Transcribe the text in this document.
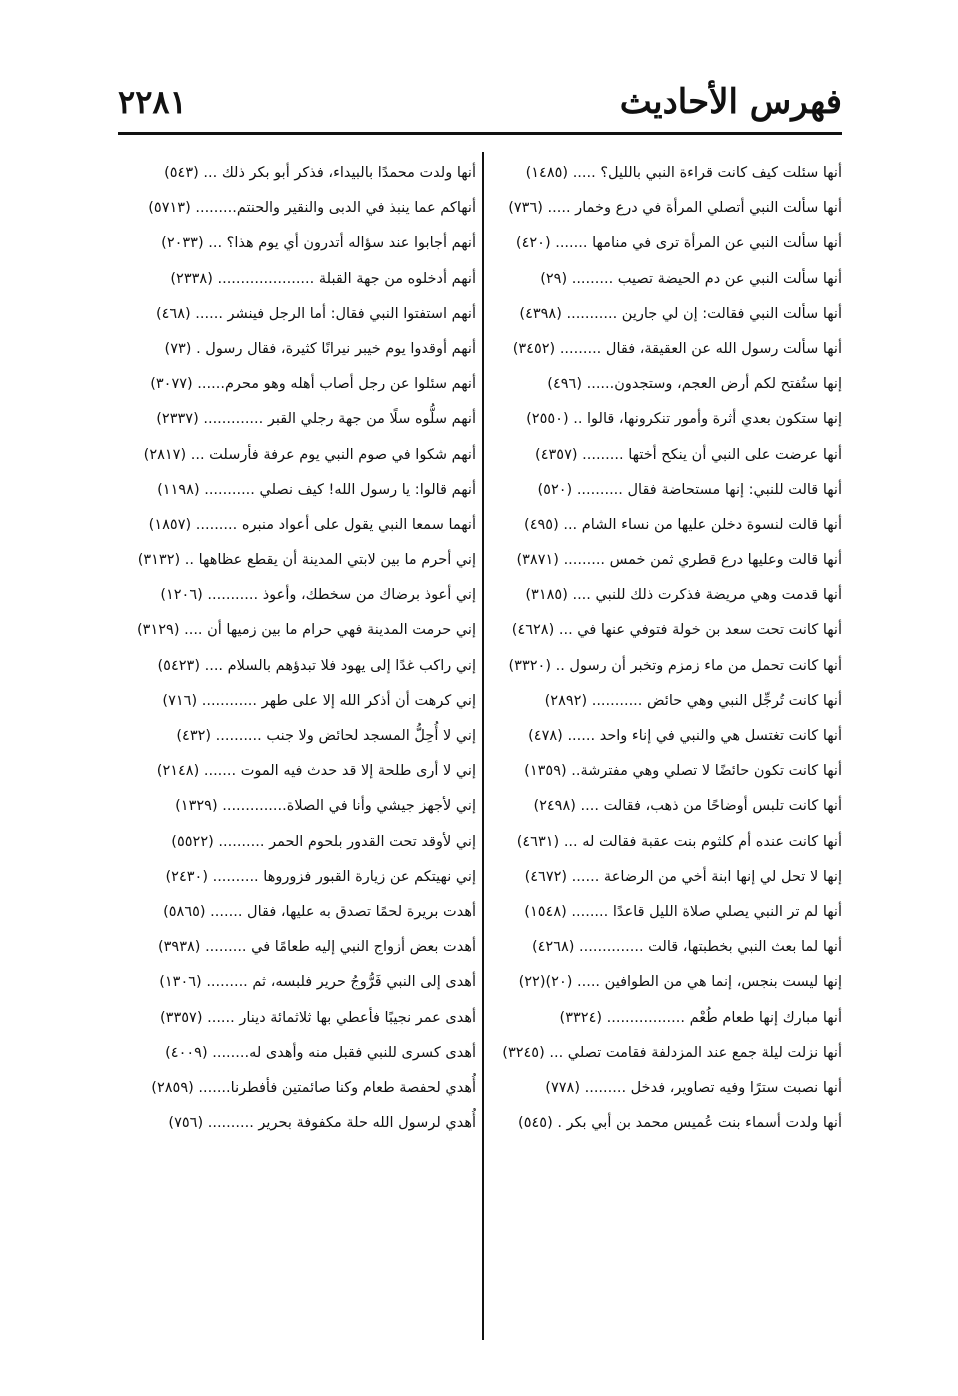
فهرس الأحاديث
٢٢٨١
أنها سئلت كيف كانت قراءة النبي بالليل؟ ..... (١٤٨٥)
أنها سألت النبي أتصلي المرأة في درع وخمار ..... (٧٣٦)
أنها سألت النبي عن المرأة ترى في منامها ....... (٤٢٠)
أنها سألت النبي عن دم الحيضة تصيب ......... (٢٩)
أنها سألت النبي فقالت: إن لي جارين ........... (٤٣٩٨)
أنها سألت رسول الله عن العقيقة، فقال ......... (٣٤٥٢)
إنها ستُفتح لكم أرض العجم، وستجدون...... (٤٩٦)
إنها ستكون بعدي أثرة وأمور تنكرونها، قالوا .. (٢٥٥٠)
أنها عرضت على النبي أن ينكح أختها ......... (٤٣٥٧)
أنها قالت للنبي: إنها مستحاضة فقال .......... (٥٢٠)
أنها قالت لنسوة دخلن عليها من نساء الشام ... (٤٩٥)
أنها قالت وعليها درع قطري ثمن خمس ......... (٣٨٧١)
أنها قدمت وهي مريضة فذكرت ذلك للنبي .... (٣١٨٥)
أنها كانت تحت سعد بن خولة فتوفي عنها في ... (٤٦٢٨)
أنها كانت تحمل من ماء زمزم وتخبر أن رسول .. (٣٣٢٠)
أنها كانت تُرجِّل النبي وهي حائض ........... (٢٨٩٢)
أنها كانت تغتسل هي والنبي في إناء واحد ...... (٤٧٨)
أنها كانت تكون حائضًا لا تصلي وهي مفترشة.. (١٣٥٩)
أنها كانت تلبس أوضاحًا من ذهب، فقالت .... (٢٤٩٨)
أنها كانت عنده أم كلثوم بنت عقبة فقالت له ... (٤٦٣١)
إنها لا تحل لي إنها ابنة أخي من الرضاعة ...... (٤٦٧٢)
أنها لم تر النبي يصلي صلاة الليل قاعدًا ........ (١٥٤٨)
أنها لما بعث النبي بخطبتها، قالت .............. (٤٢٦٨)
إنها ليست بنجس، إنما هي من الطوافين ..... (٢٠)(٢٢)
أنها مبارك إنها طعام طُعْم ................. (٣٣٢٤)
أنها نزلت ليلة جمع عند المزدلفة فقامت تصلي ... (٣٢٤٥)
أنها نصبت سترًا وفيه تصاوير، فدخل ......... (٧٧٨)
أنها ولدت أسماء بنت عُميس محمد بن أبي بكر . (٥٤٥)
أنها ولدت محمدًا بالبيداء، فذكر أبو بكر ذلك ... (٥٤٣)
أنهاكم عما ينبذ في الدبى والنقير والحنتم......... (٥٧١٣)
أنهم أجابوا عند سؤاله أتدرون أي يوم هذا؟ ... (٢٠٣٣)
أنهم أدخلوه من جهة القبلة ..................... (٢٣٣٨)
أنهم استفتوا النبي فقال: أما الرجل فينشر ...... (٤٦٨)
أنهم أوقدوا يوم خيبر نيرانًا كثيرة، فقال رسول . (٧٣)
أنهم سئلوا عن رجل أصاب أهله وهو محرم...... (٣٠٧٧)
أنهم سلُّوه سلًا من جهة رجلي القبر ............. (٢٣٣٧)
أنهم شكوا في صوم النبي يوم عرفة فأرسلت ... (٢٨١٧)
أنهم قالوا: يا رسول الله! كيف نصلي ........... (١١٩٨)
أنهما سمعا النبي يقول على أعواد منبره ......... (١٨٥٧)
إني أحرم ما بين لابتي المدينة أن يقطع عظاهها .. (٣١٣٢)
إني أعوذ برضاك من سخطك، وأعوذ ........... (١٢٠٦)
إني حرمت المدينة فهي حرام ما بين زميها أن .... (٣١٢٩)
إني راكب غدًا إلى يهود فلا تبدؤهم بالسلام .... (٥٤٢٣)
إني كرهت أن أذكر الله إلا على طهر ............ (٧١٦)
إني لا أُحِلُّ المسجد لحائض ولا جنب .......... (٤٣٢)
إني لا أرى طلحة إلا قد حدث فيه الموت ....... (٢١٤٨)
إني لأجهز جيشي وأنا في الصلاة.............. (١٣٢٩)
إني لأوقد تحت القدور بلحوم الحمر .......... (٥٥٢٢)
إني نهيتكم عن زيارة القبور فزوروها .......... (٢٤٣٠)
أهدت بريرة لحمًا تصدق به عليها، فقال ....... (٥٨٦٥)
أهدت بعض أزواج النبي إليه طعامًا في ......... (٣٩٣٨)
أهدى إلى النبي فَرُّوجُ حرير فلبسه، ثم ......... (١٣٠٦)
أهدى عمر نجيبًا فأعطي بها ثلاثمائة دينار ...... (٣٣٥٧)
أهدى كسرى للنبي فقبل منه وأهدى له........ (٤٠٠٩)
أُهدي لحفصة طعام وكنا صائمتين فأفطرنا....... (٢٨٥٩)
أُهدي لرسول الله حلة مكفوفة بحرير .......... (٧٥٦)
